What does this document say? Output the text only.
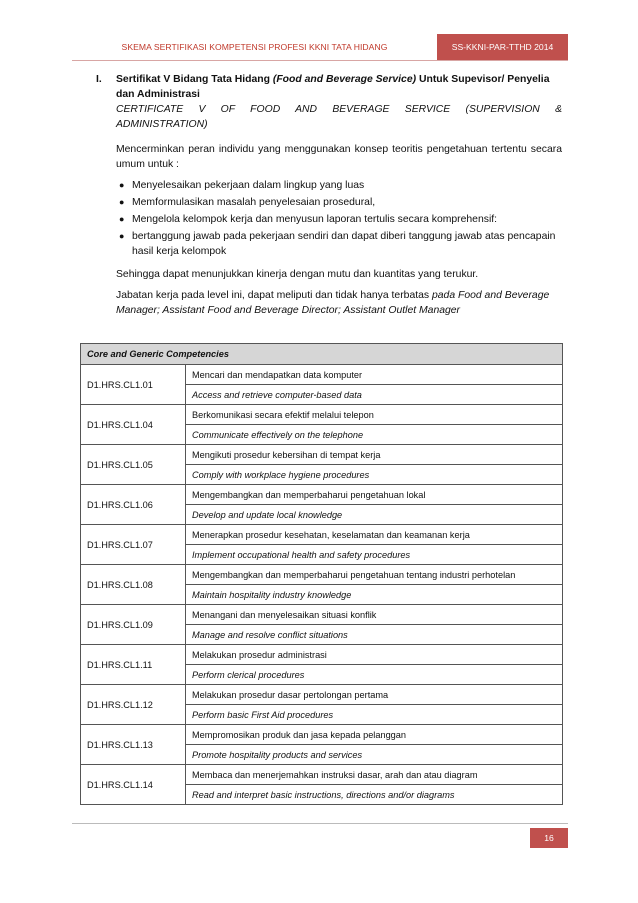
SKEMA SERTIFIKASI KOMPETENSI PROFESI KKNI TATA HIDANG	SS-KKNI-PAR-TTHD 2014
I.	Sertifikat V Bidang Tata Hidang (Food and Beverage Service) Untuk Supevisor/ Penyelia dan Administrasi
CERTIFICATE V OF FOOD AND BEVERAGE SERVICE (SUPERVISION &
ADMINISTRATION)
Mencerminkan peran individu yang menggunakan konsep teoritis pengetahuan tertentu secara umum untuk :
● Menyelesaikan pekerjaan dalam lingkup yang luas
● Memformulasikan masalah penyelesaian prosedural,
● Mengelola kelompok kerja dan menyusun laporan tertulis secara komprehensif:
● bertanggung jawab pada pekerjaan sendiri dan dapat diberi tanggung jawab atas pencapain hasil kerja kelompok
Sehingga dapat menunjukkan kinerja dengan mutu dan kuantitas yang terukur.
Jabatan kerja pada level ini, dapat meliputi dan tidak hanya terbatas pada Food and Beverage Manager; Assistant Food and Beverage Director; Assistant Outlet Manager
Core and Generic Competencies	
D1.HRS.CL1.01	Mencari dan mendapatkan data komputer
	Access and retrieve computer-based data
D1.HRS.CL1.04	Berkomunikasi secara efektif melalui telepon
	Communicate effectively on the telephone
D1.HRS.CL1.05	Mengikuti prosedur kebersihan di tempat kerja
	Comply with workplace hygiene procedures
D1.HRS.CL1.06	Mengembangkan dan memperbaharui pengetahuan lokal
	Develop and update local knowledge
D1.HRS.CL1.07	Menerapkan prosedur kesehatan, keselamatan dan keamanan kerja
	Implement occupational health and safety procedures
D1.HRS.CL1.08	Mengembangkan dan memperbaharui pengetahuan tentang industri perhotelan
	Maintain hospitality industry knowledge
D1.HRS.CL1.09	Menangani dan menyelesaikan situasi konflik
	Manage and resolve conflict situations
D1.HRS.CL1.11	Melakukan prosedur administrasi
	Perform clerical procedures
D1.HRS.CL1.12	Melakukan prosedur dasar pertolongan pertama
	Perform basic First Aid procedures
D1.HRS.CL1.13	Mempromosikan produk dan jasa kepada pelanggan
	Promote hospitality products and services
D1.HRS.CL1.14	Membaca dan menerjemahkan instruksi dasar, arah dan atau diagram
	Read and interpret basic instructions, directions and/or diagrams
16
